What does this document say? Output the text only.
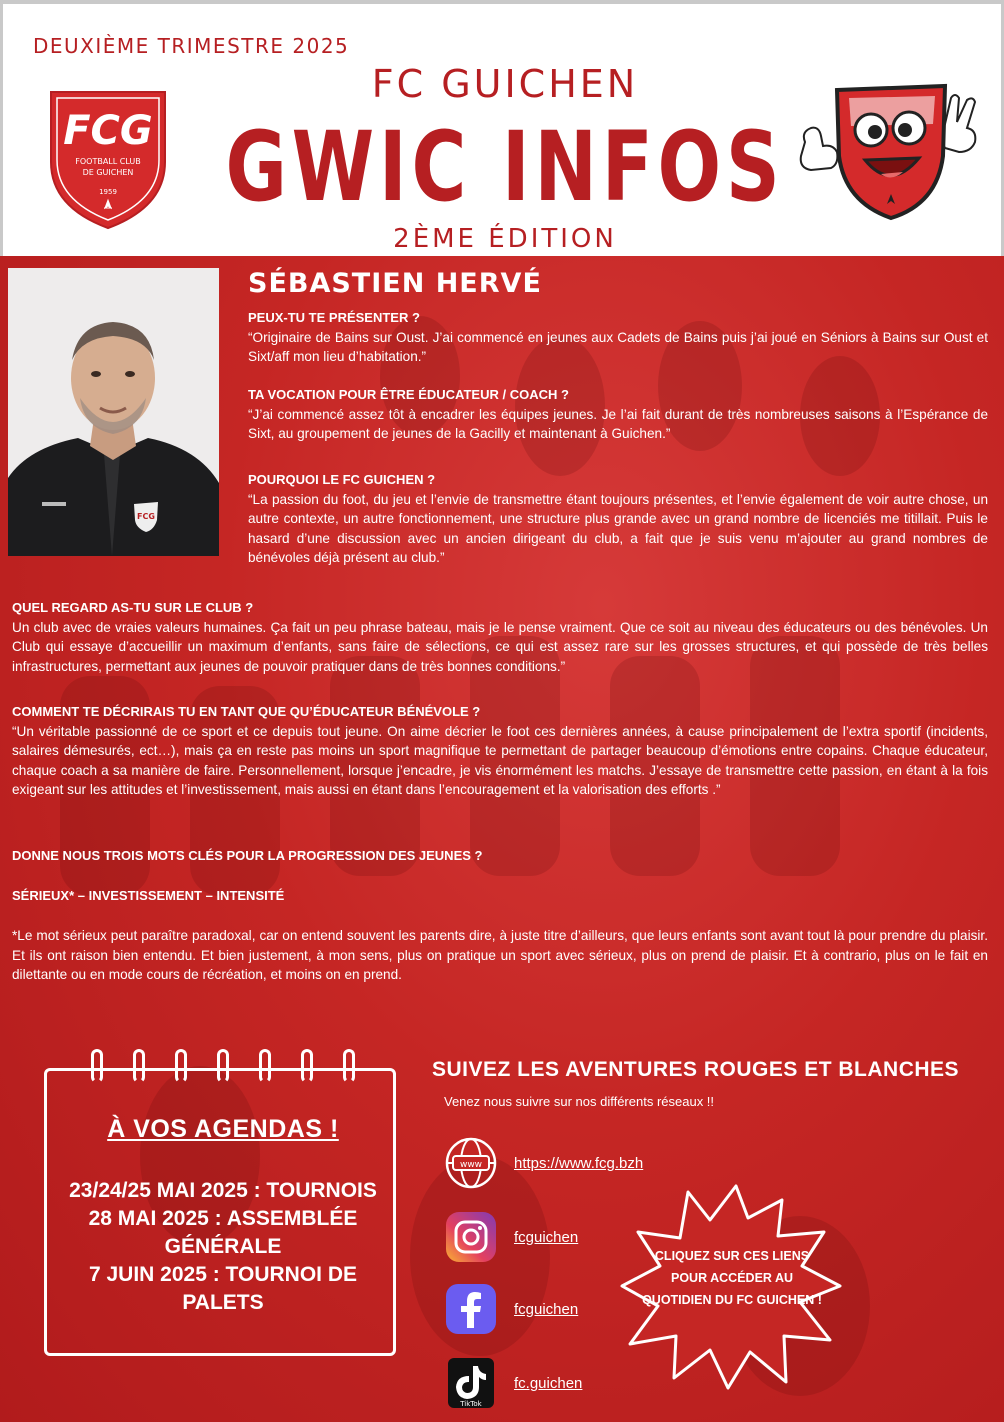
DEUXIÈME TRIMESTRE 2025
FCG
FOOTBALL CLUB
DE GUICHEN
1959
FC GUICHEN
GWIC INFOS
2ÈME ÉDITION
FCG
SÉBASTIEN HERVÉ

PEUX-TU TE PRÉSENTER ?

“Originaire de Bains sur Oust. J’ai commencé en jeunes aux Cadets de Bains puis j’ai joué en Séniors à Bains sur Oust et Sixt/aff mon lieu d’habitation.”

TA VOCATION POUR ÊTRE ÉDUCATEUR / COACH ?

“J’ai commencé assez tôt à encadrer les équipes jeunes. Je l’ai fait durant de très nombreuses saisons à l’Espérance de Sixt, au groupement de jeunes de la Gacilly et maintenant à Guichen.”

POURQUOI LE FC GUICHEN ?

“La passion du foot, du jeu et l’envie de transmettre étant toujours présentes, et l’envie également de voir autre chose, un autre contexte, un autre fonctionnement, une structure plus grande avec un grand nombre de licenciés me titillait. Puis le hasard d’une discussion avec un ancien dirigeant du club, a fait que je suis venu m’ajouter au grand nombres de bénévoles déjà présent au club.”

QUEL REGARD AS-TU SUR LE CLUB ?

Un club avec de vraies valeurs humaines. Ça fait un peu phrase bateau, mais je le pense vraiment. Que ce soit au niveau des éducateurs ou des bénévoles. Un Club qui essaye d’accueillir un maximum d’enfants, sans faire de sélections, ce qui est assez rare sur les grosses structures, et qui possède de très belles infrastructures, permettant aux jeunes de pouvoir pratiquer dans de très bonnes conditions.”

COMMENT TE DÉCRIRAIS TU EN TANT QUE QU’ÉDUCATEUR BÉNÉVOLE ?

“Un véritable passionné de ce sport et ce depuis tout jeune. On aime décrier le foot ces dernières années, à cause principalement de l’extra sportif (incidents, salaires démesurés, ect…), mais ça en reste pas moins un sport magnifique te permettant de partager beaucoup d’émotions entre copains. Chaque éducateur, chaque coach a sa manière de faire. Personnellement, lorsque j’encadre, je vis énormément les matchs. J’essaye de transmettre cette passion, en étant à la fois exigeant sur les attitudes et l’investissement, mais aussi en étant dans l’encouragement et la valorisation des efforts .”

DONNE NOUS TROIS MOTS CLÉS POUR LA PROGRESSION DES JEUNES ?

SÉRIEUX* – INVESTISSEMENT – INTENSITÉ

*Le mot sérieux peut paraître paradoxal, car on entend souvent les parents dire, à juste titre d’ailleurs, que leurs enfants sont avant tout là pour prendre du plaisir. Et ils ont raison bien entendu. Et bien justement, à mon sens, plus on pratique un sport avec sérieux, plus on prend de plaisir. Et à contrario, plus on le fait en dilettante ou en mode cours de récréation, et moins on en prend.

À VOS AGENDAS !
23/24/25 MAI 2025 : TOURNOIS
28 MAI 2025 : ASSEMBLÉE GÉNÉRALE
7 JUIN 2025 : TOURNOI DE PALETS
SUIVEZ LES AVENTURES ROUGES ET BLANCHES
Venez nous suivre sur nos différents réseaux !!
www https://www.fcg.bzh
fcguichen
fcguichen
TikTok
fc.guichen
CLIQUEZ SUR CES LIENS POUR ACCÉDER AU QUOTIDIEN DU FC GUICHEN !
